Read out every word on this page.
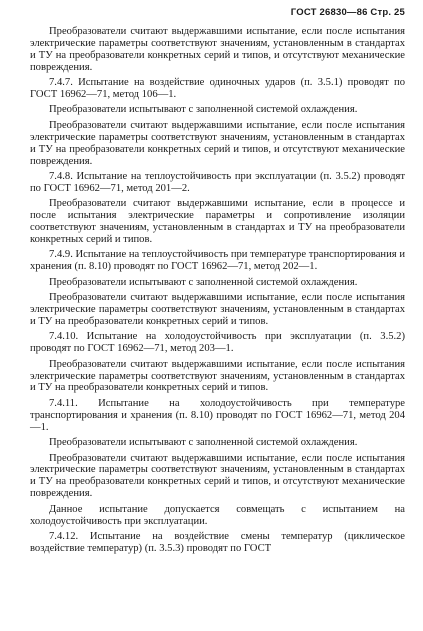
ГОСТ 26830—86 Стр. 25

Преобразователи считают выдержавшими испытание, если после испытания электрические параметры соответствуют значениям, установленным в стандартах и ТУ на преобразователи конкретных серий и типов, и отсутствуют механические повреждения.

7.4.7. Испытание на воздействие одиночных ударов (п. 3.5.1) проводят по ГОСТ 16962—71, метод 106—1.

Преобразователи испытывают с заполненной системой охлаждения.

Преобразователи считают выдержавшими испытание, если после испытания электрические параметры соответствуют значениям, установленным в стандартах и ТУ на преобразователи конкретных серий и типов, и отсутствуют механические повреждения.

7.4.8. Испытание на теплоустойчивость при эксплуатации (п. 3.5.2) проводят по ГОСТ 16962—71, метод 201—2.

Преобразователи считают выдержавшими испытание, если в процессе и после испытания электрические параметры и сопротивление изоляции соответствуют значениям, установленным в стандартах и ТУ на преобразователи конкретных серий и типов.

7.4.9. Испытание на теплоустойчивость при температуре транспортирования и хранения (п. 8.10) проводят по ГОСТ 16962—71, метод 202—1.

Преобразователи испытывают с заполненной системой охлаждения.

Преобразователи считают выдержавшими испытание, если после испытания электрические параметры соответствуют значениям, установленным в стандартах и ТУ на преобразователи конкретных серий и типов.

7.4.10. Испытание на холодоустойчивость при эксплуатации (п. 3.5.2) проводят по ГОСТ 16962—71, метод 203—1.

Преобразователи считают выдержавшими испытание, если после испытания электрические параметры соответствуют значениям, установленным в стандартах и ТУ на преобразователи конкретных серий и типов.

7.4.11. Испытание на холодоустойчивость при температуре транспортирования и хранения (п. 8.10) проводят по ГОСТ 16962—71, метод 204—1.

Преобразователи испытывают с заполненной системой охлаждения.

Преобразователи считают выдержавшими испытание, если после испытания электрические параметры соответствуют значениям, установленным в стандартах и ТУ на преобразователи конкретных серий и типов, и отсутствуют механические повреждения.

Данное испытание допускается совмещать с испытанием на холодоустойчивость при эксплуатации.

7.4.12. Испытание на воздействие смены температур (циклическое воздействие температур) (п. 3.5.3) проводят по ГОСТ
